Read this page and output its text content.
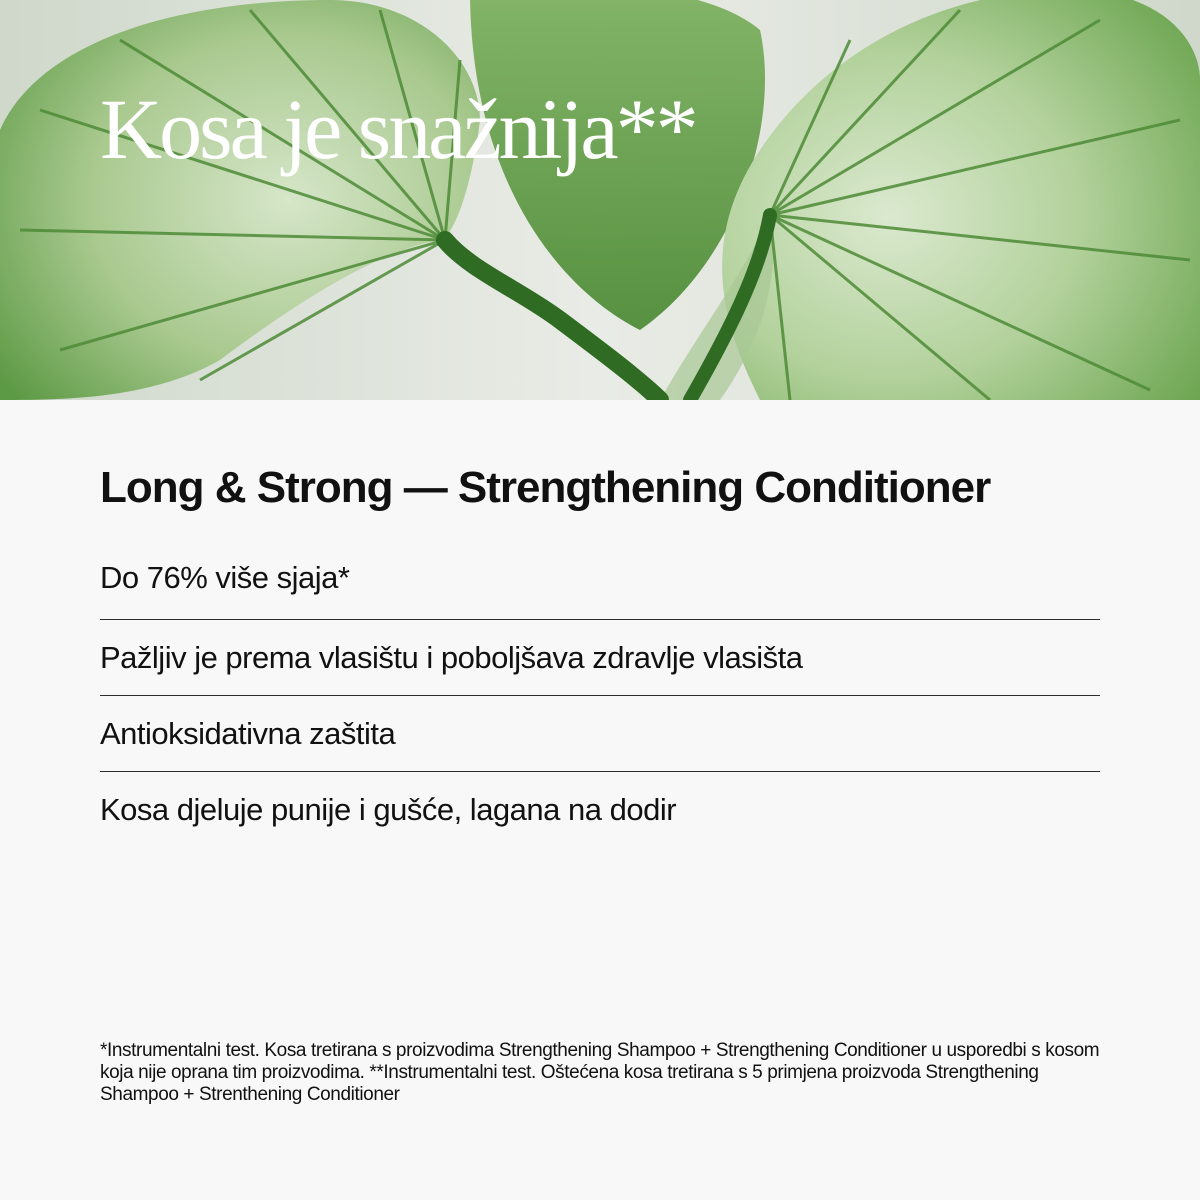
Kosa je snažnija**
Long & Strong — Strengthening Conditioner
Do 76% više sjaja*
Pažljiv je prema vlasištu i poboljšava zdravlje vlasišta
Antioksidativna zaštita
Kosa djeluje punije i gušće, lagana na dodir

*Instrumentalni test. Kosa tretirana s proizvodima Strengthening Shampoo + Strengthening Conditioner u usporedbi s kosom koja nije oprana tim proizvodima. **Instrumentalni test. Oštećena kosa tretirana s 5 primjena proizvoda Strengthening Shampoo + Strenthening Conditioner
